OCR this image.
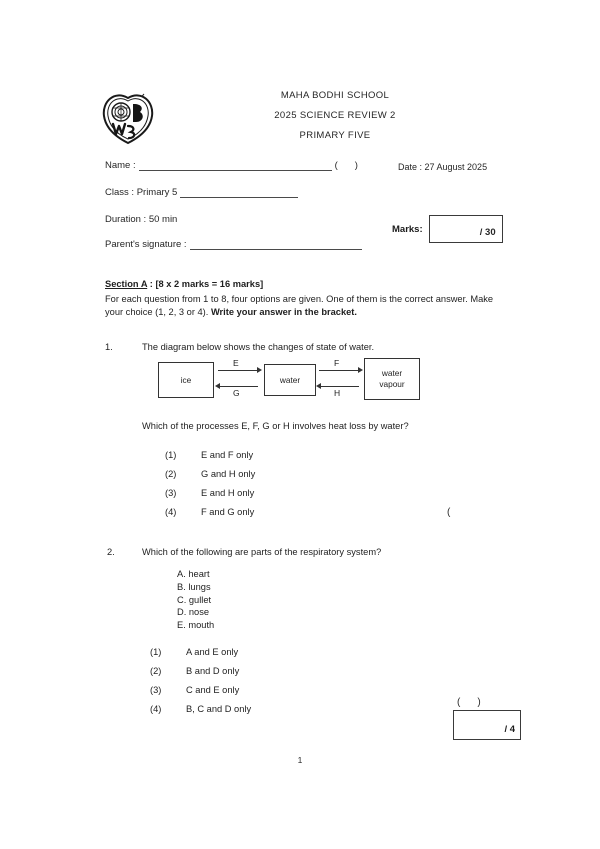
MAHA BODHI SCHOOL
2025 SCIENCE REVIEW 2
PRIMARY FIVE
Name :	( )
Class :
Primary 5
Duration :
50 min
Parent's signature :
Date : 27 August 2025
Marks:	/ 30
Section A : [8 x 2 marks = 16 marks]
For each question from 1 to 8, four options are given. One of them is the correct answer. Make your choice (1, 2, 3 or 4). Write your answer in the bracket.
1.	The diagram below shows the changes of state of water.
ice	water
water
vapour
E
G
F
H
Which of the processes E, F, G or H involves heat loss by water?
(1)	E and F only
(2)	G and H only
(3)	E and H only
(4)	F and G only	(
2.	Which of the following are parts of the respiratory system?
A. heart
B. lungs
C. gullet
D. nose
E. mouth
(1)	A and E only
(2)	B and D only
(3)	C and E only
(4)	B, C and D only
( )
/ 4
1
